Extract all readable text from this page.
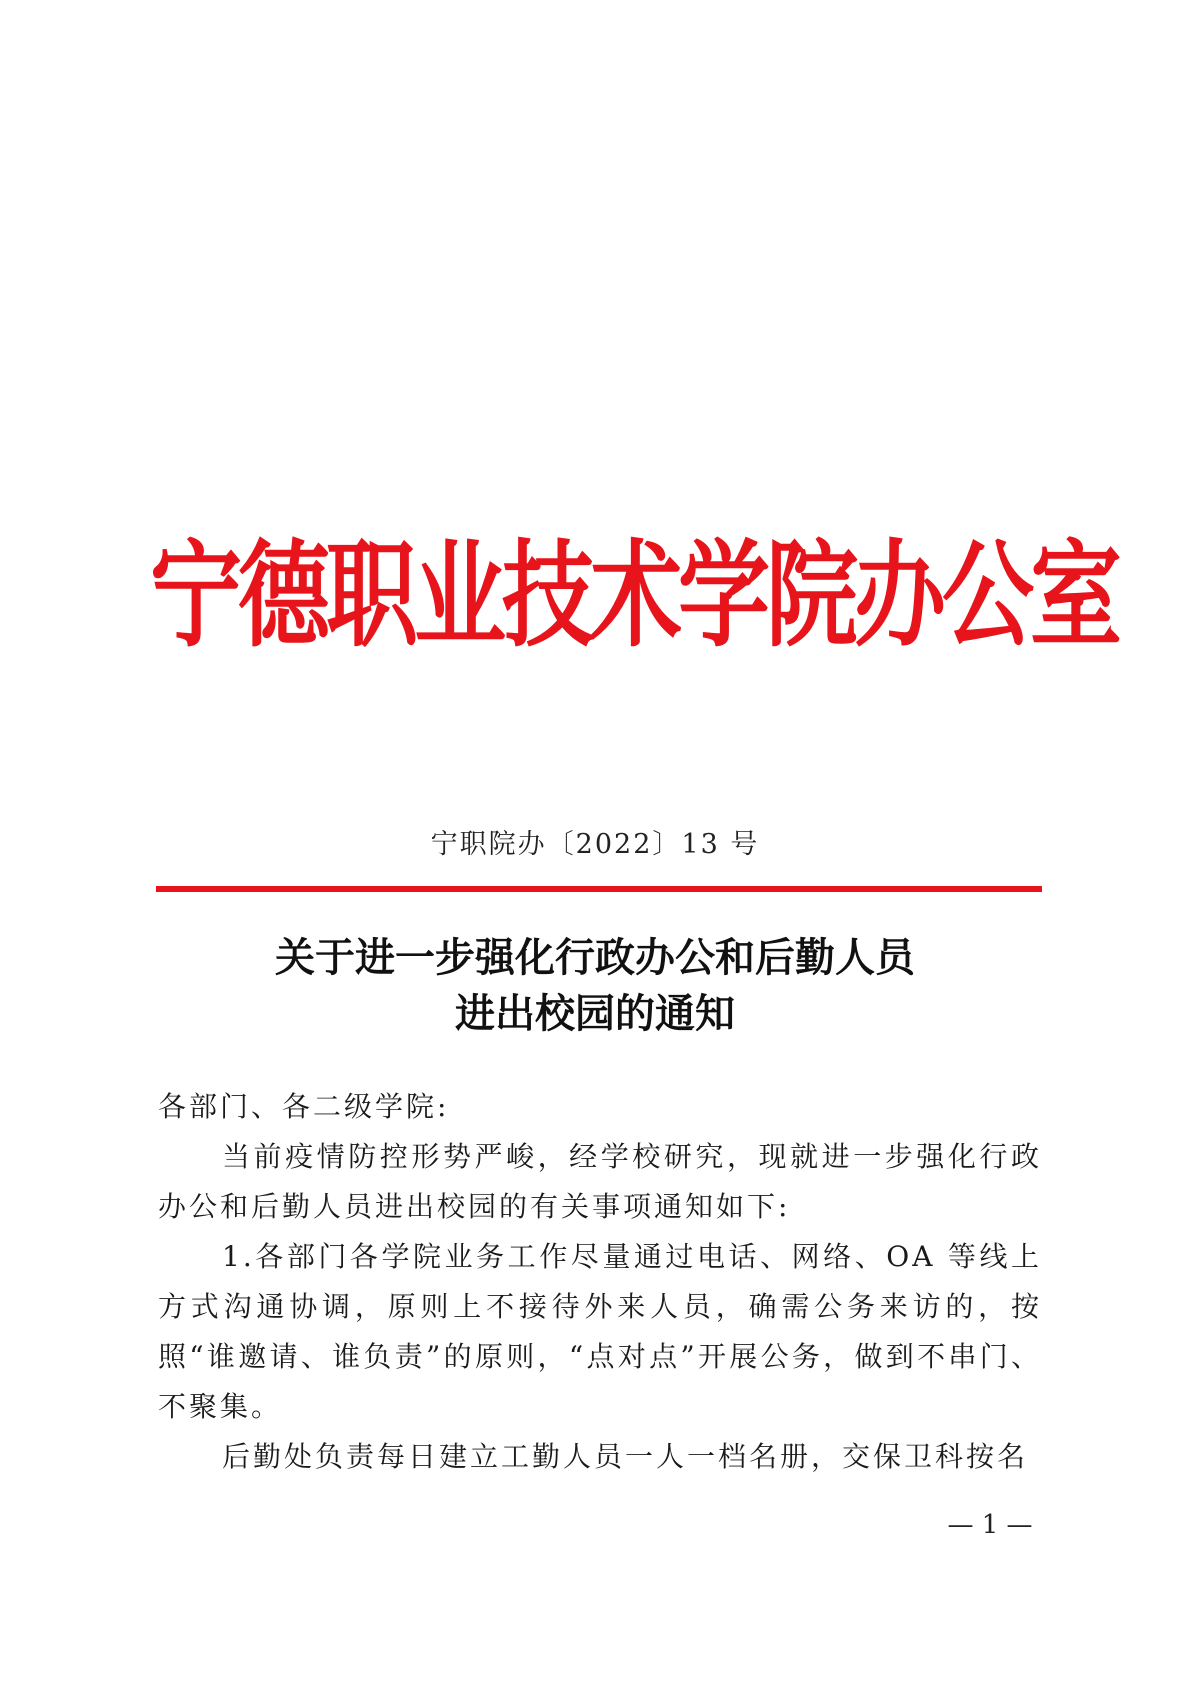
宁德职业技术学院办公室
宁职院办〔2022〕13 号
关于进一步强化行政办公和后勤人员
进出校园的通知

各部门、各二级学院:

当前疫情防控形势严峻，经学校研究，现就进一步强化行政办公和后勤人员进出校园的有关事项通知如下:

1.各部门各学院业务工作尽量通过电话、网络、OA 等线上方式沟通协调，原则上不接待外来人员，确需公务来访的，按照“谁邀请、谁负责”的原则，“点对点”开展公务，做到不串门、不聚集。

后勤处负责每日建立工勤人员一人一档名册，交保卫科按名

— 1 —
